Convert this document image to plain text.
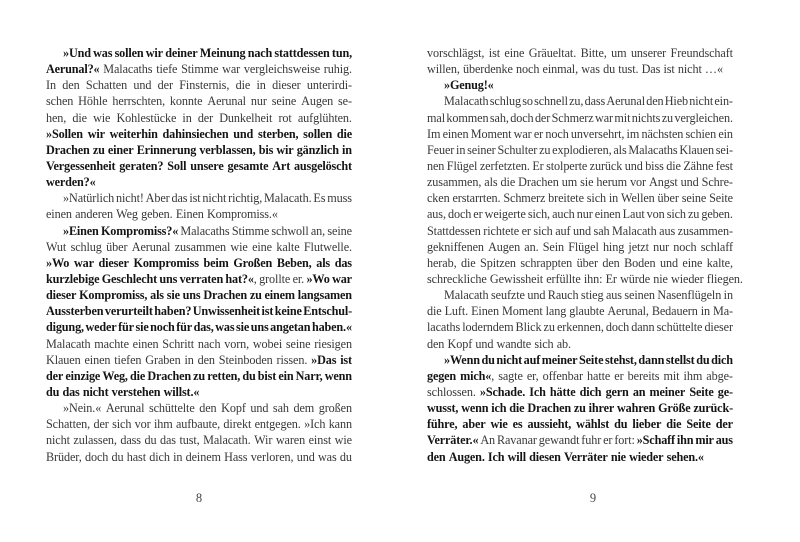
»Und was sollen wir deiner Meinung nach stattdessen tun,
Aerunal?« Malacaths tiefe Stimme war vergleichsweise ruhig.
In den Schatten und der Finsternis, die in dieser unterirdi-
schen Höhle herrschten, konnte Aerunal nur seine Augen se-
hen, die wie Kohlestücke in der Dunkelheit rot aufglühten.
»Sollen wir weiterhin dahinsiechen und sterben, sollen die
Drachen zu einer Erinnerung verblassen, bis wir gänzlich in
Vergessenheit geraten? Soll unsere gesamte Art ausgelöscht
werden?«
»Natürlich nicht! Aber das ist nicht richtig, Malacath. Es muss
einen anderen Weg geben. Einen Kompromiss.«
»Einen Kompromiss?« Malacaths Stimme schwoll an, seine
Wut schlug über Aerunal zusammen wie eine kalte Flutwelle.
»Wo war dieser Kompromiss beim Großen Beben, als das
kurzlebige Geschlecht uns verraten hat?«, grollte er. »Wo war
dieser Kompromiss, als sie uns Drachen zu einem langsamen
Aussterben verurteilt haben? Unwissenheit ist keine Entschul-
digung, weder für sie noch für das, was sie uns angetan haben.«
Malacath machte einen Schritt nach vorn, wobei seine riesigen
Klauen einen tiefen Graben in den Steinboden rissen. »Das ist
der einzige Weg, die Drachen zu retten, du bist ein Narr, wenn
du das nicht verstehen willst.«
»Nein.« Aerunal schüttelte den Kopf und sah dem großen
Schatten, der sich vor ihm aufbaute, direkt entgegen. »Ich kann
nicht zulassen, dass du das tust, Malacath. Wir waren einst wie
Brüder, doch du hast dich in deinem Hass verloren, und was du
8
vorschlägst, ist eine Gräueltat. Bitte, um unserer Freundschaft
willen, überdenke noch einmal, was du tust. Das ist nicht …«
»Genug!«
Malacath schlug so schnell zu, dass Aerunal den Hieb nicht ein-
mal kommen sah, doch der Schmerz war mit nichts zu vergleichen.
Im einen Moment war er noch unversehrt, im nächsten schien ein
Feuer in seiner Schulter zu explodieren, als Malacaths Klauen sei-
nen Flügel zerfetzten. Er stolperte zurück und biss die Zähne fest
zusammen, als die Drachen um sie herum vor Angst und Schre-
cken erstarrten. Schmerz breitete sich in Wellen über seine Seite
aus, doch er weigerte sich, auch nur einen Laut von sich zu geben.
Stattdessen richtete er sich auf und sah Malacath aus zusammen-
gekniffenen Augen an. Sein Flügel hing jetzt nur noch schlaff
herab, die Spitzen schrappten über den Boden und eine kalte,
schreckliche Gewissheit erfüllte ihn: Er würde nie wieder fliegen.
Malacath seufzte und Rauch stieg aus seinen Nasenflügeln in
die Luft. Einen Moment lang glaubte Aerunal, Bedauern in Ma-
lacaths loderndem Blick zu erkennen, doch dann schüttelte dieser
den Kopf und wandte sich ab.
»Wenn du nicht auf meiner Seite stehst, dann stellst du dich
gegen mich«, sagte er, offenbar hatte er bereits mit ihm abge-
schlossen. »Schade. Ich hätte dich gern an meiner Seite ge-
wusst, wenn ich die Drachen zu ihrer wahren Größe zurück-
führe, aber wie es aussieht, wählst du lieber die Seite der
Verräter.« An Ravanar gewandt fuhr er fort: »Schaff ihn mir aus
den Augen. Ich will diesen Verräter nie wieder sehen.«
9
